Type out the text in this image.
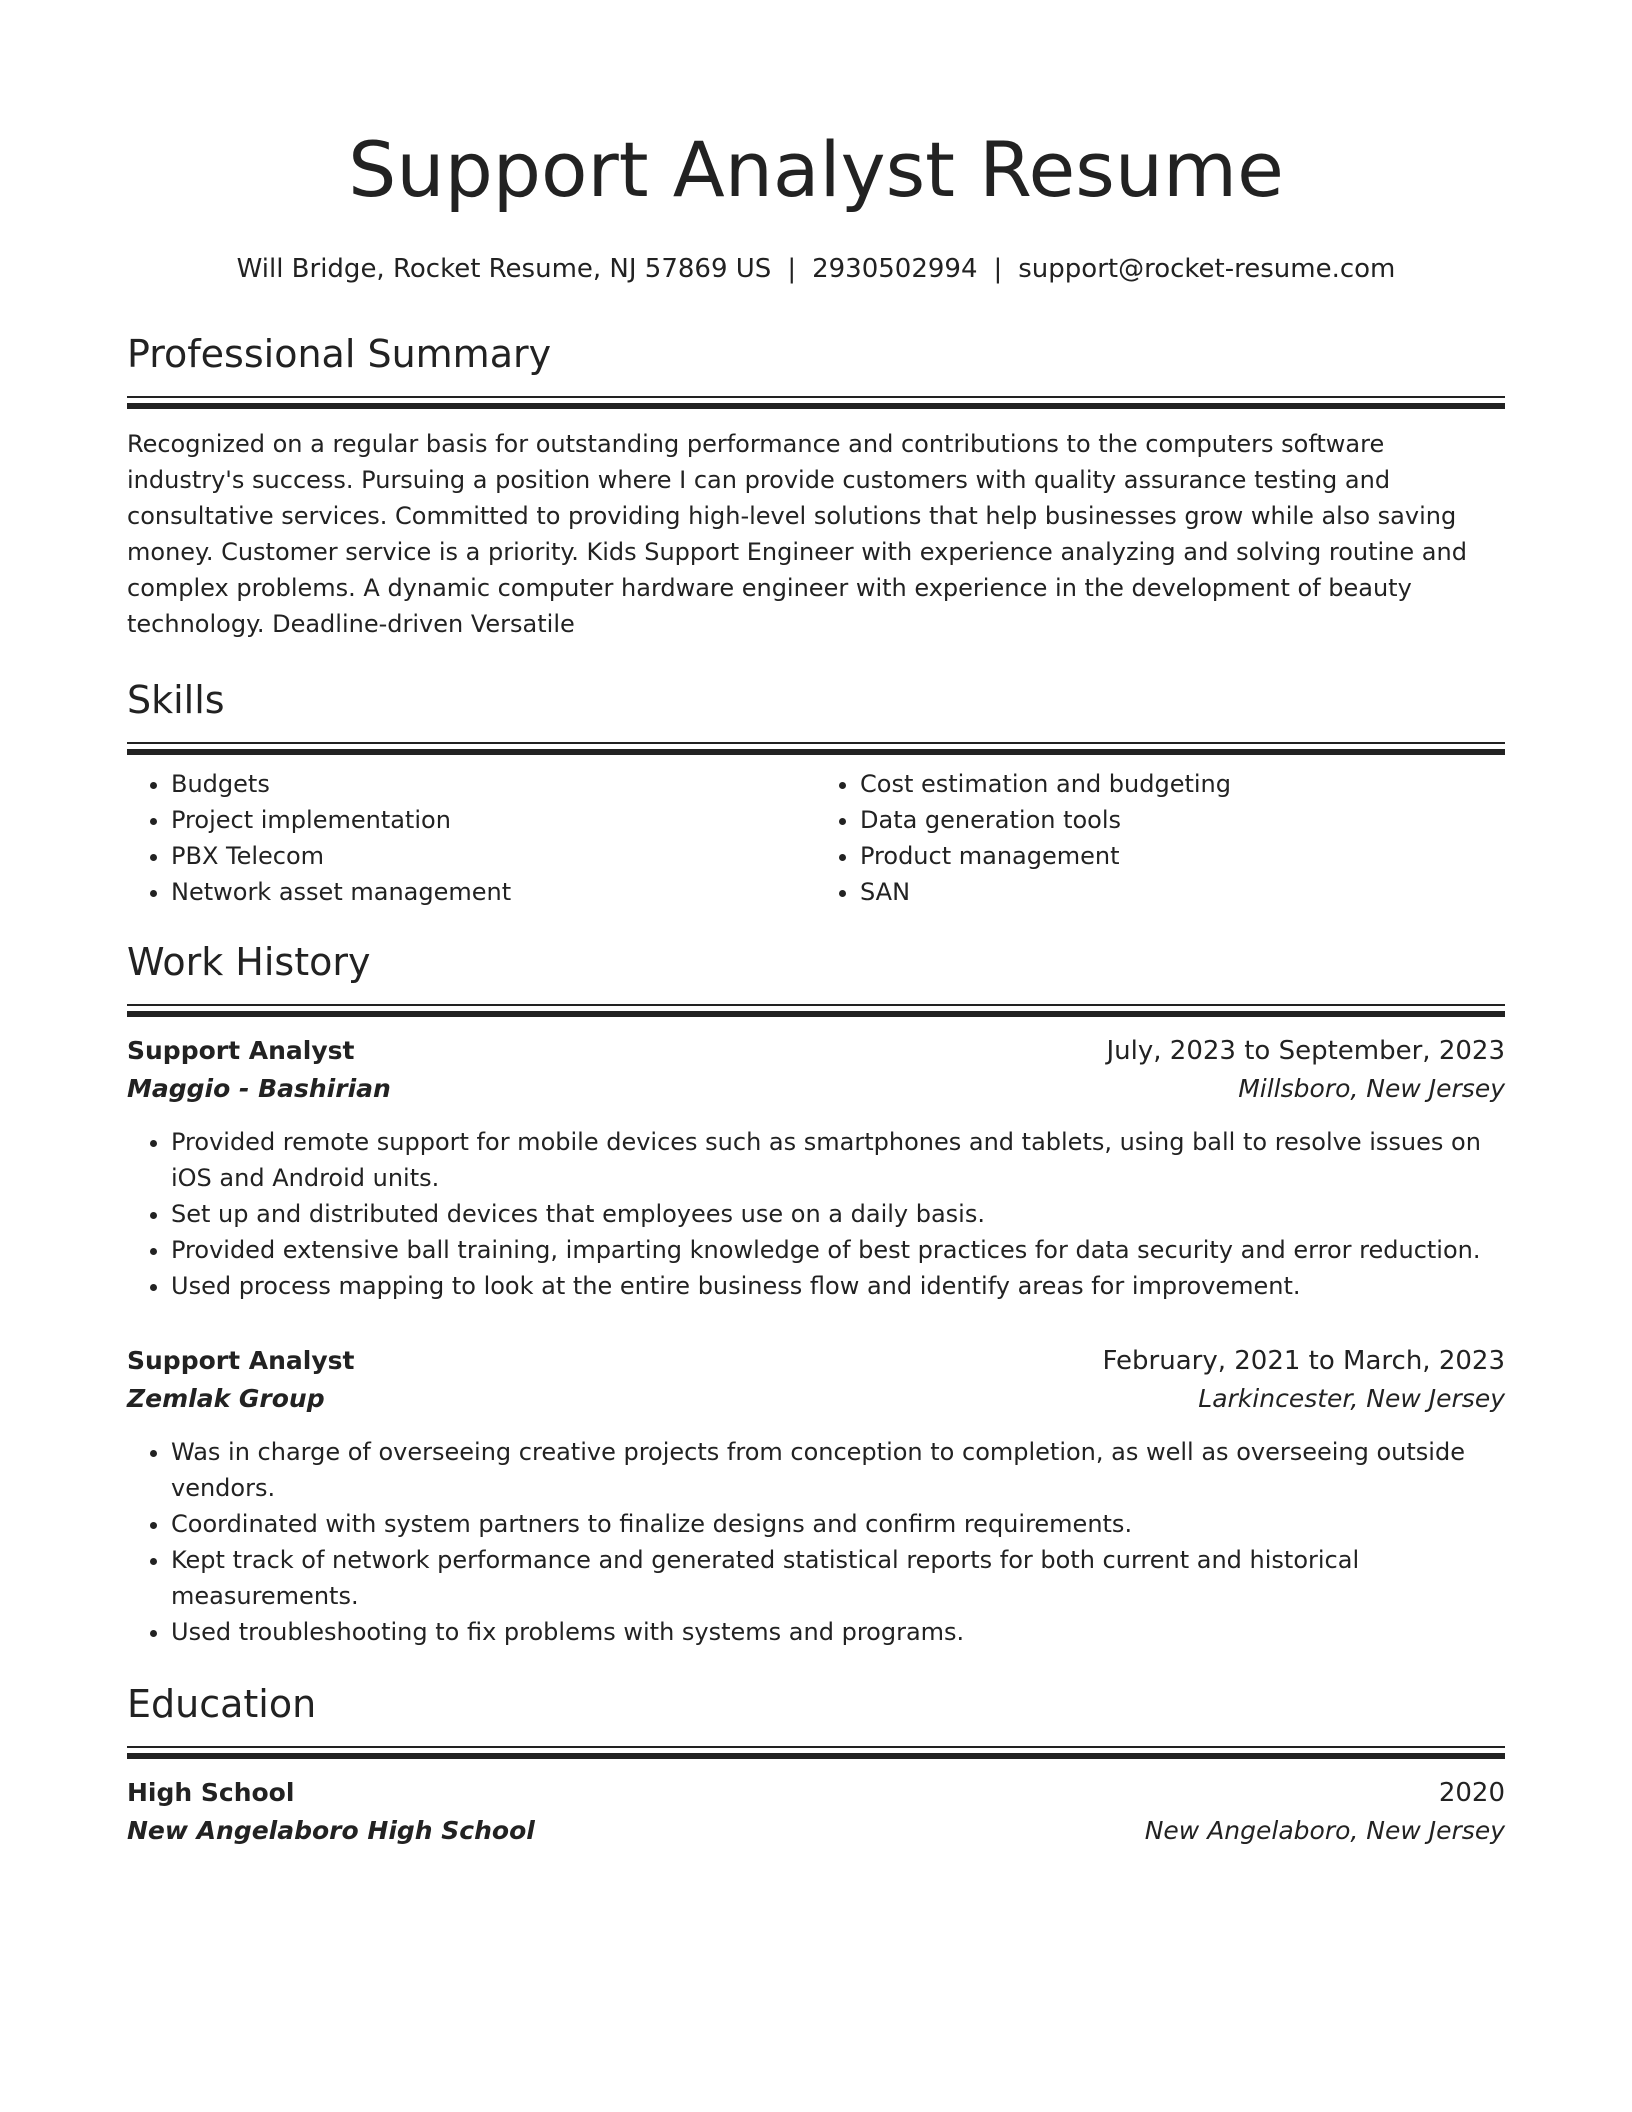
Support Analyst Resume
Will Bridge, Rocket Resume, NJ 57869 US | 2930502994 | support@rocket-resume.com
Professional Summary

Recognized on a regular basis for outstanding performance and contributions to the computers software industry's success. Pursuing a position where I can provide customers with quality assurance testing and consultative services. Committed to providing high-level solutions that help businesses grow while also saving money. Customer service is a priority. Kids Support Engineer with experience analyzing and solving routine and complex problems. A dynamic computer hardware engineer with experience in the development of beauty technology. Deadline-driven Versatile

Skills
• Budgets
• Project implementation
• PBX Telecom
• Network asset management
• Cost estimation and budgeting
• Data generation tools
• Product management
• SAN
Work History
Support Analyst	July, 2023 to September, 2023
Maggio - Bashirian	Millsboro, New Jersey
• Provided remote support for mobile devices such as smartphones and tablets, using ball to resolve issues on iOS and Android units.
• Set up and distributed devices that employees use on a daily basis.
• Provided extensive ball training, imparting knowledge of best practices for data security and error reduction.
• Used process mapping to look at the entire business flow and identify areas for improvement.
Support Analyst	February, 2021 to March, 2023
Zemlak Group	Larkincester, New Jersey
• Was in charge of overseeing creative projects from conception to completion, as well as overseeing outside vendors.
• Coordinated with system partners to finalize designs and confirm requirements.
• Kept track of network performance and generated statistical reports for both current and historical measurements.
• Used troubleshooting to fix problems with systems and programs.
Education
High School	2020
New Angelaboro High School	New Angelaboro, New Jersey
